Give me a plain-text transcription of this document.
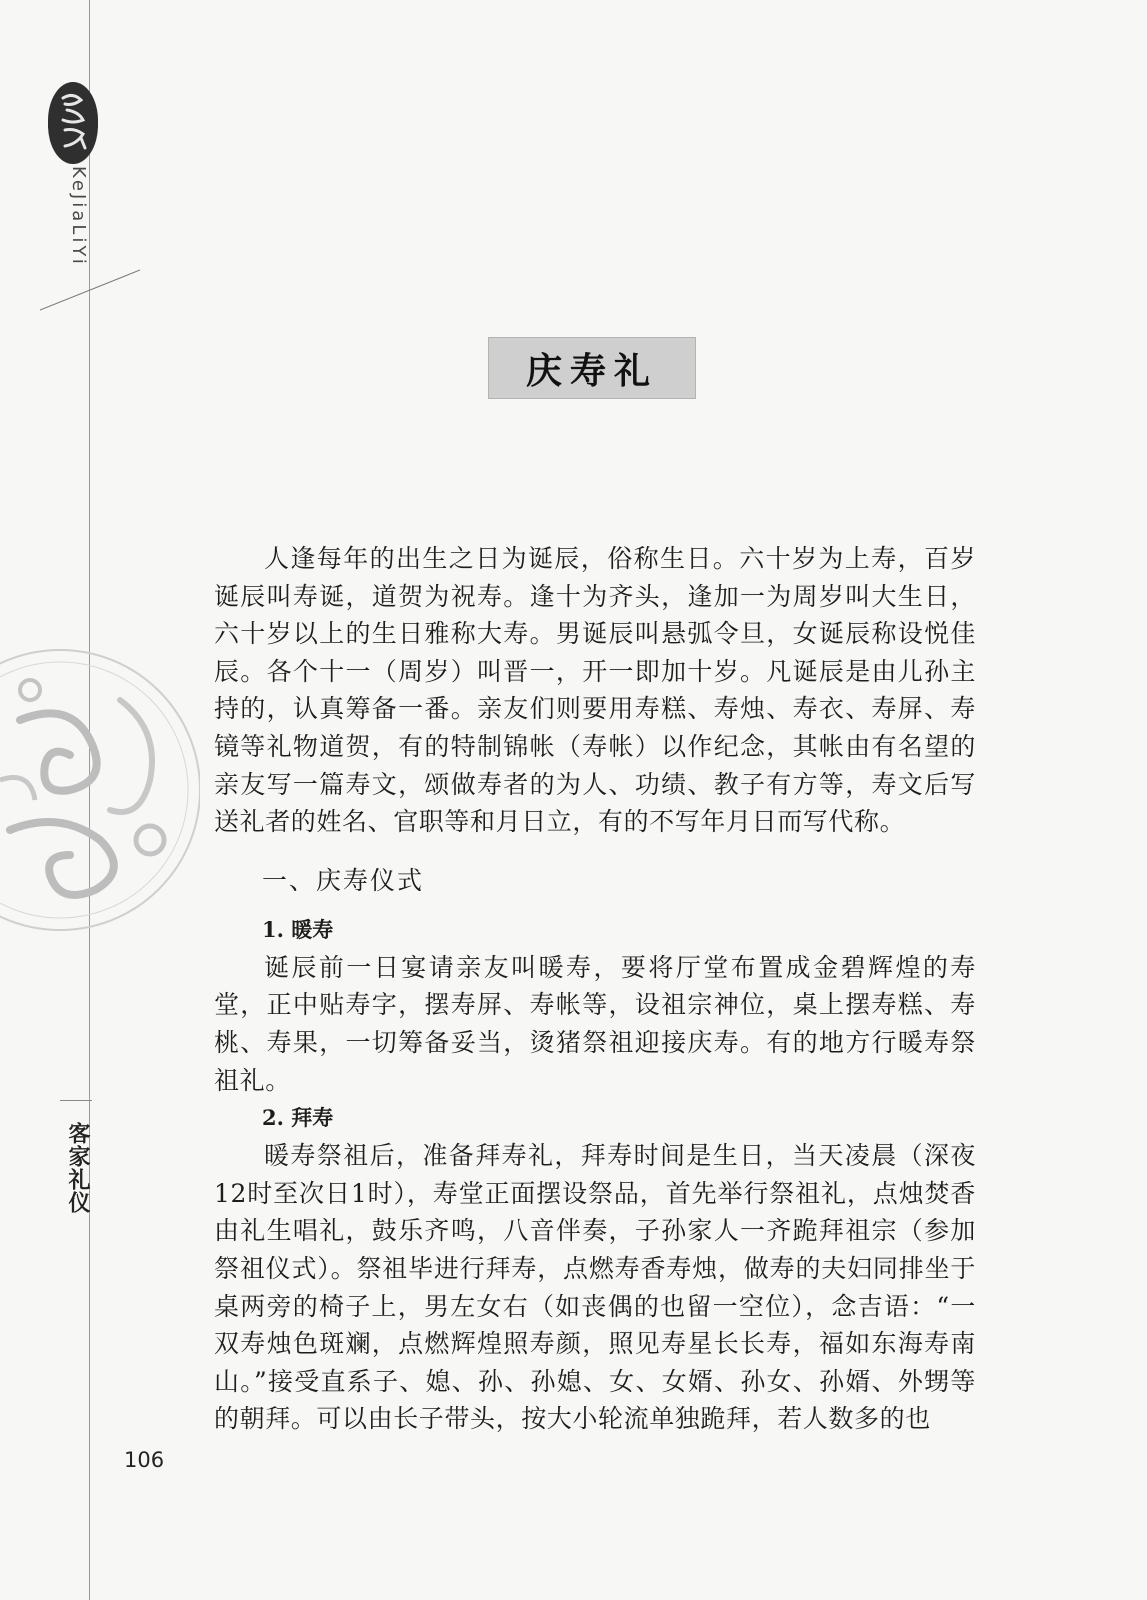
KeJiaLiYi
客家礼仪
106
庆寿礼

人逢每年的出生之日为诞辰，俗称生日。六十岁为上寿，百岁诞辰叫寿诞，道贺为祝寿。逢十为齐头，逢加一为周岁叫大生日，六十岁以上的生日雅称大寿。男诞辰叫悬弧令旦，女诞辰称设悦佳辰。各个十一（周岁）叫晋一，开一即加十岁。凡诞辰是由儿孙主持的，认真筹备一番。亲友们则要用寿糕、寿烛、寿衣、寿屏、寿镜等礼物道贺，有的特制锦帐（寿帐）以作纪念，其帐由有名望的亲友写一篇寿文，颂做寿者的为人、功绩、教子有方等，寿文后写送礼者的姓名、官职等和月日立，有的不写年月日而写代称。

一、庆寿仪式
1. 暖寿

诞辰前一日宴请亲友叫暖寿，要将厅堂布置成金碧辉煌的寿堂，正中贴寿字，摆寿屏、寿帐等，设祖宗神位，桌上摆寿糕、寿桃、寿果，一切筹备妥当，烫猪祭祖迎接庆寿。有的地方行暖寿祭祖礼。

2. 拜寿

暖寿祭祖后，准备拜寿礼，拜寿时间是生日，当天凌晨（深夜12时至次日1时），寿堂正面摆设祭品，首先举行祭祖礼，点烛焚香由礼生唱礼，鼓乐齐鸣，八音伴奏，子孙家人一齐跪拜祖宗（参加祭祖仪式）。祭祖毕进行拜寿，点燃寿香寿烛，做寿的夫妇同排坐于桌两旁的椅子上，男左女右（如丧偶的也留一空位），念吉语：“一双寿烛色斑斓，点燃辉煌照寿颜，照见寿星长长寿，福如东海寿南山。”接受直系子、媳、孙、孙媳、女、女婿、孙女、孙婿、外甥等的朝拜。可以由长子带头，按大小轮流单独跪拜，若人数多的也
